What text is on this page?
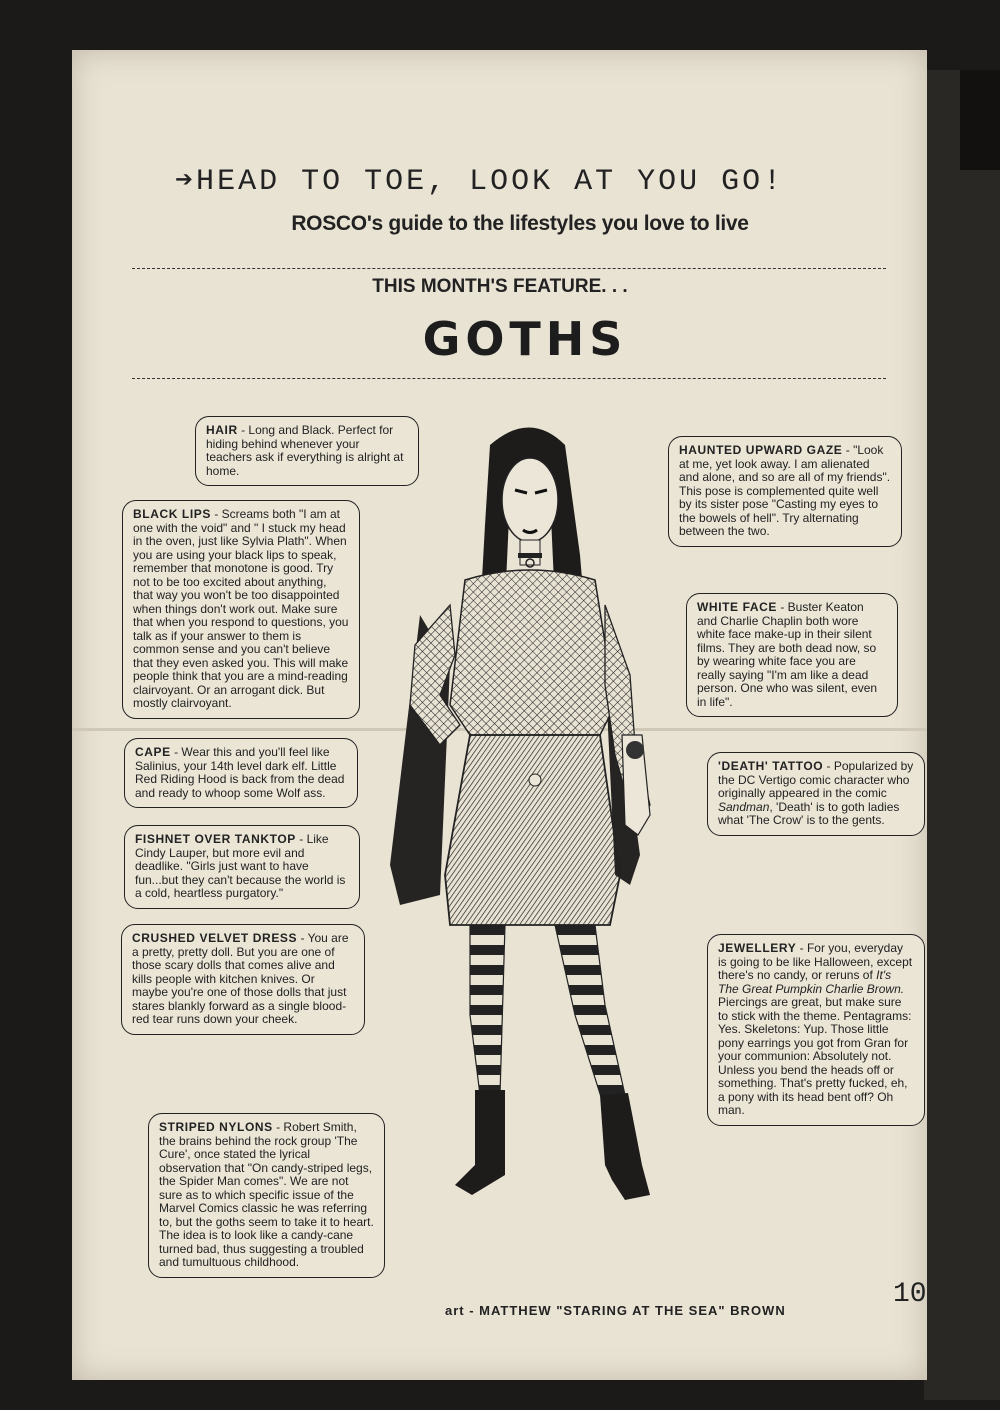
➔HEAD TO TOE, LOOK AT YOU GO!
ROSCO's guide to the lifestyles you love to live
THIS MONTH'S FEATURE. . .
GOTHS
HAIR - Long and Black. Perfect for hiding behind whenever your teachers ask if everything is alright at home.
BLACK LIPS - Screams both "I am at one with the void" and " I stuck my head in the oven, just like Sylvia Plath". When you are using your black lips to speak, remember that monotone is good. Try not to be too excited about anything, that way you won't be too disappointed when things don't work out. Make sure that when you respond to questions, you talk as if your answer to them is common sense and you can't believe that they even asked you. This will make people think that you are a mind-reading clairvoyant. Or an arrogant dick. But mostly clairvoyant.
CAPE - Wear this and you'll feel like Salinius, your 14th level dark elf. Little Red Riding Hood is back from the dead and ready to whoop some Wolf ass.
FISHNET OVER TANKTOP - Like Cindy Lauper, but more evil and deadlike. "Girls just want to have fun...but they can't because the world is a cold, heartless purgatory."
CRUSHED VELVET DRESS - You are a pretty, pretty doll. But you are one of those scary dolls that comes alive and kills people with kitchen knives. Or maybe you're one of those dolls that just stares blankly forward as a single blood-red tear runs down your cheek.
STRIPED NYLONS - Robert Smith, the brains behind the rock group 'The Cure', once stated the lyrical observation that "On candy-striped legs, the Spider Man comes". We are not sure as to which specific issue of the Marvel Comics classic he was referring to, but the goths seem to take it to heart. The idea is to look like a candy-cane turned bad, thus suggesting a troubled and tumultuous childhood.
HAUNTED UPWARD GAZE - "Look at me, yet look away. I am alienated and alone, and so are all of my friends". This pose is complemented quite well by its sister pose "Casting my eyes to the bowels of hell". Try alternating between the two.
WHITE FACE - Buster Keaton and Charlie Chaplin both wore white face make-up in their silent films. They are both dead now, so by wearing white face you are really saying "I'm am like a dead person. One who was silent, even in life".
'DEATH' TATTOO - Popularized by the DC Vertigo comic character who originally appeared in the comic Sandman, 'Death' is to goth ladies what 'The Crow' is to the gents.
JEWELLERY - For you, everyday is going to be like Halloween, except there's no candy, or reruns of It's The Great Pumpkin Charlie Brown. Piercings are great, but make sure to stick with the theme. Pentagrams: Yes. Skeletons: Yup. Those little pony earrings you got from Gran for your communion: Absolutely not. Unless you bend the heads off or something. That's pretty fucked, eh, a pony with its head bent off? Oh man.
art - MATTHEW "STARING AT THE SEA" BROWN
10
